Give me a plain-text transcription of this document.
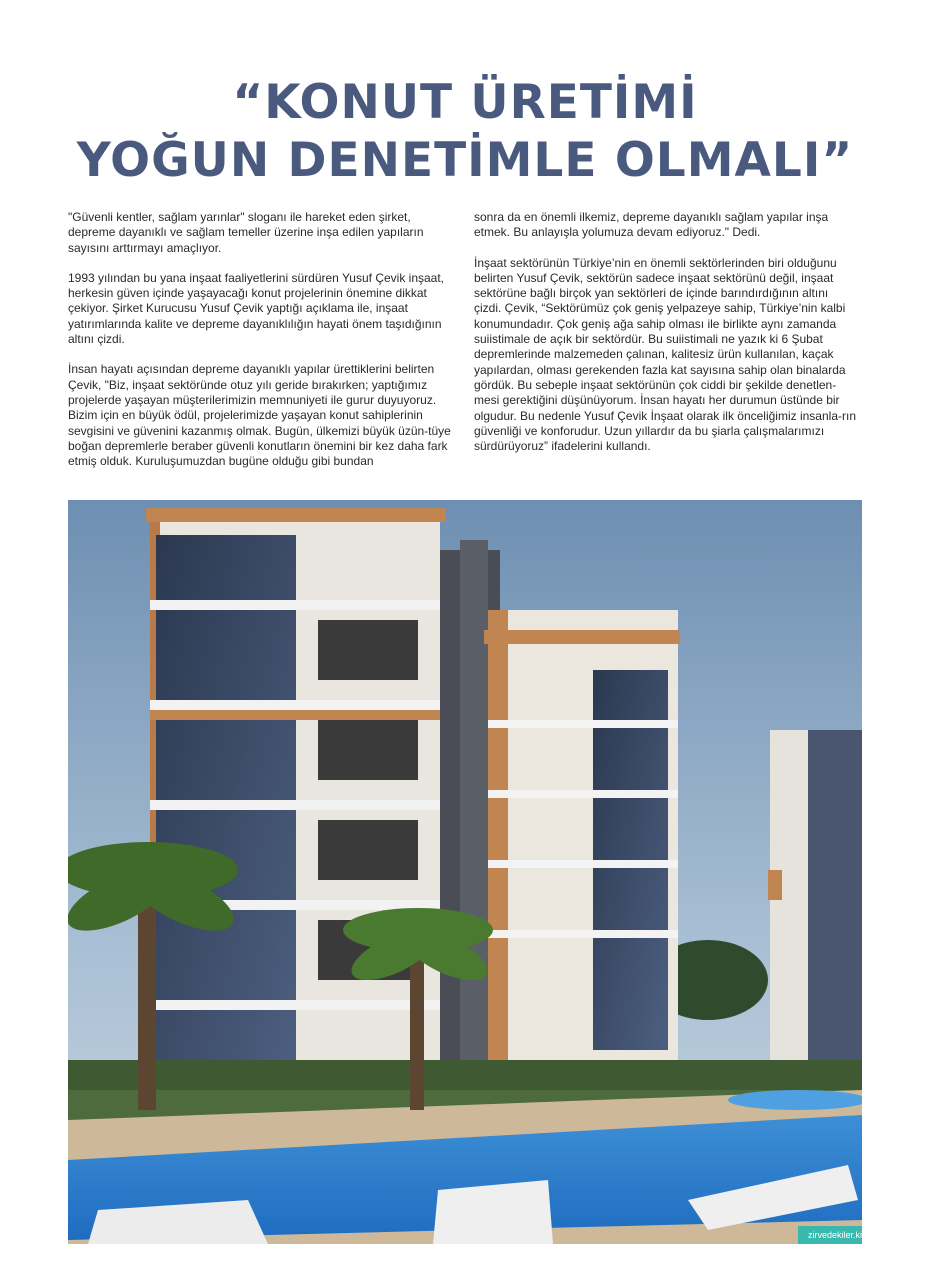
“KONUT ÜRETİMİ
YOĞUN DENETİMLE OLMALI”

"Güvenli kentler, sağlam yarınlar" sloganı ile hareket eden şirket, depreme dayanıklı ve sağlam temeller üzerine inşa edilen yapıların sayısını arttırmayı amaçlıyor.

1993 yılından bu yana inşaat faaliyetlerini sürdüren Yusuf Çevik inşaat, herkesin güven içinde yaşayacağı konut projelerinin önemine dikkat çekiyor. Şirket Kurucusu Yusuf Çevik yaptığı açıklama ile, inşaat yatırımlarında kalite ve depreme dayanıklılığın hayati önem taşıdığının altını çizdi.

İnsan hayatı açısından depreme dayanıklı yapılar ürettiklerini belirten Çevik, "Biz, inşaat sektöründe otuz yılı geride bırakırken; yaptığımız projelerde yaşayan müşterilerimizin memnuniyeti ile gurur duyuyoruz. Bizim için en büyük ödül, projelerimizde yaşayan konut sahiplerinin sevgisini ve güvenini kazanmış olmak. Bugün, ülkemizi büyük üzün-tüye boğan depremlerle beraber güvenli konutların önemini bir kez daha fark etmiş olduk. Kuruluşumuzdan bugüne olduğu gibi bundan

sonra da en önemli ilkemiz, depreme dayanıklı sağlam yapılar inşa etmek. Bu anlayışla yolumuza devam ediyoruz." Dedi.

İnşaat sektörünün Türkiye’nin en önemli sektörlerinden biri olduğunu belirten Yusuf Çevik, sektörün sadece inşaat sektörünü değil, inşaat sektörüne bağlı birçok yan sektörleri de içinde barındırdığının altını çizdi. Çevik, “Sektörümüz çok geniş yelpazeye sahip, Türkiye’nin kalbi konumundadır. Çok geniş ağa sahip olması ile birlikte aynı zamanda suiistimale de açık bir sektördür. Bu suiistimali ne yazık ki 6 Şubat depremlerinde malzemeden çalınan, kalitesiz ürün kullanılan, kaçak yapılardan, olması gerekenden fazla kat sayısına sahip olan binalarda gördük. Bu sebeple inşaat sektörünün çok ciddi bir şekilde denetlen-mesi gerektiğini düşünüyorum. İnsan hayatı her durumun üstünde bir olgudur. Bu nedenle Yusuf Çevik İnşaat olarak ilk önceliğimiz insanla-rın güvenliği ve konforudur. Uzun yıllardır da bu şiarla çalışmalarımızı sürdürüyoruz” ifadelerini kullandı.

zirvedekiler.kim 13
